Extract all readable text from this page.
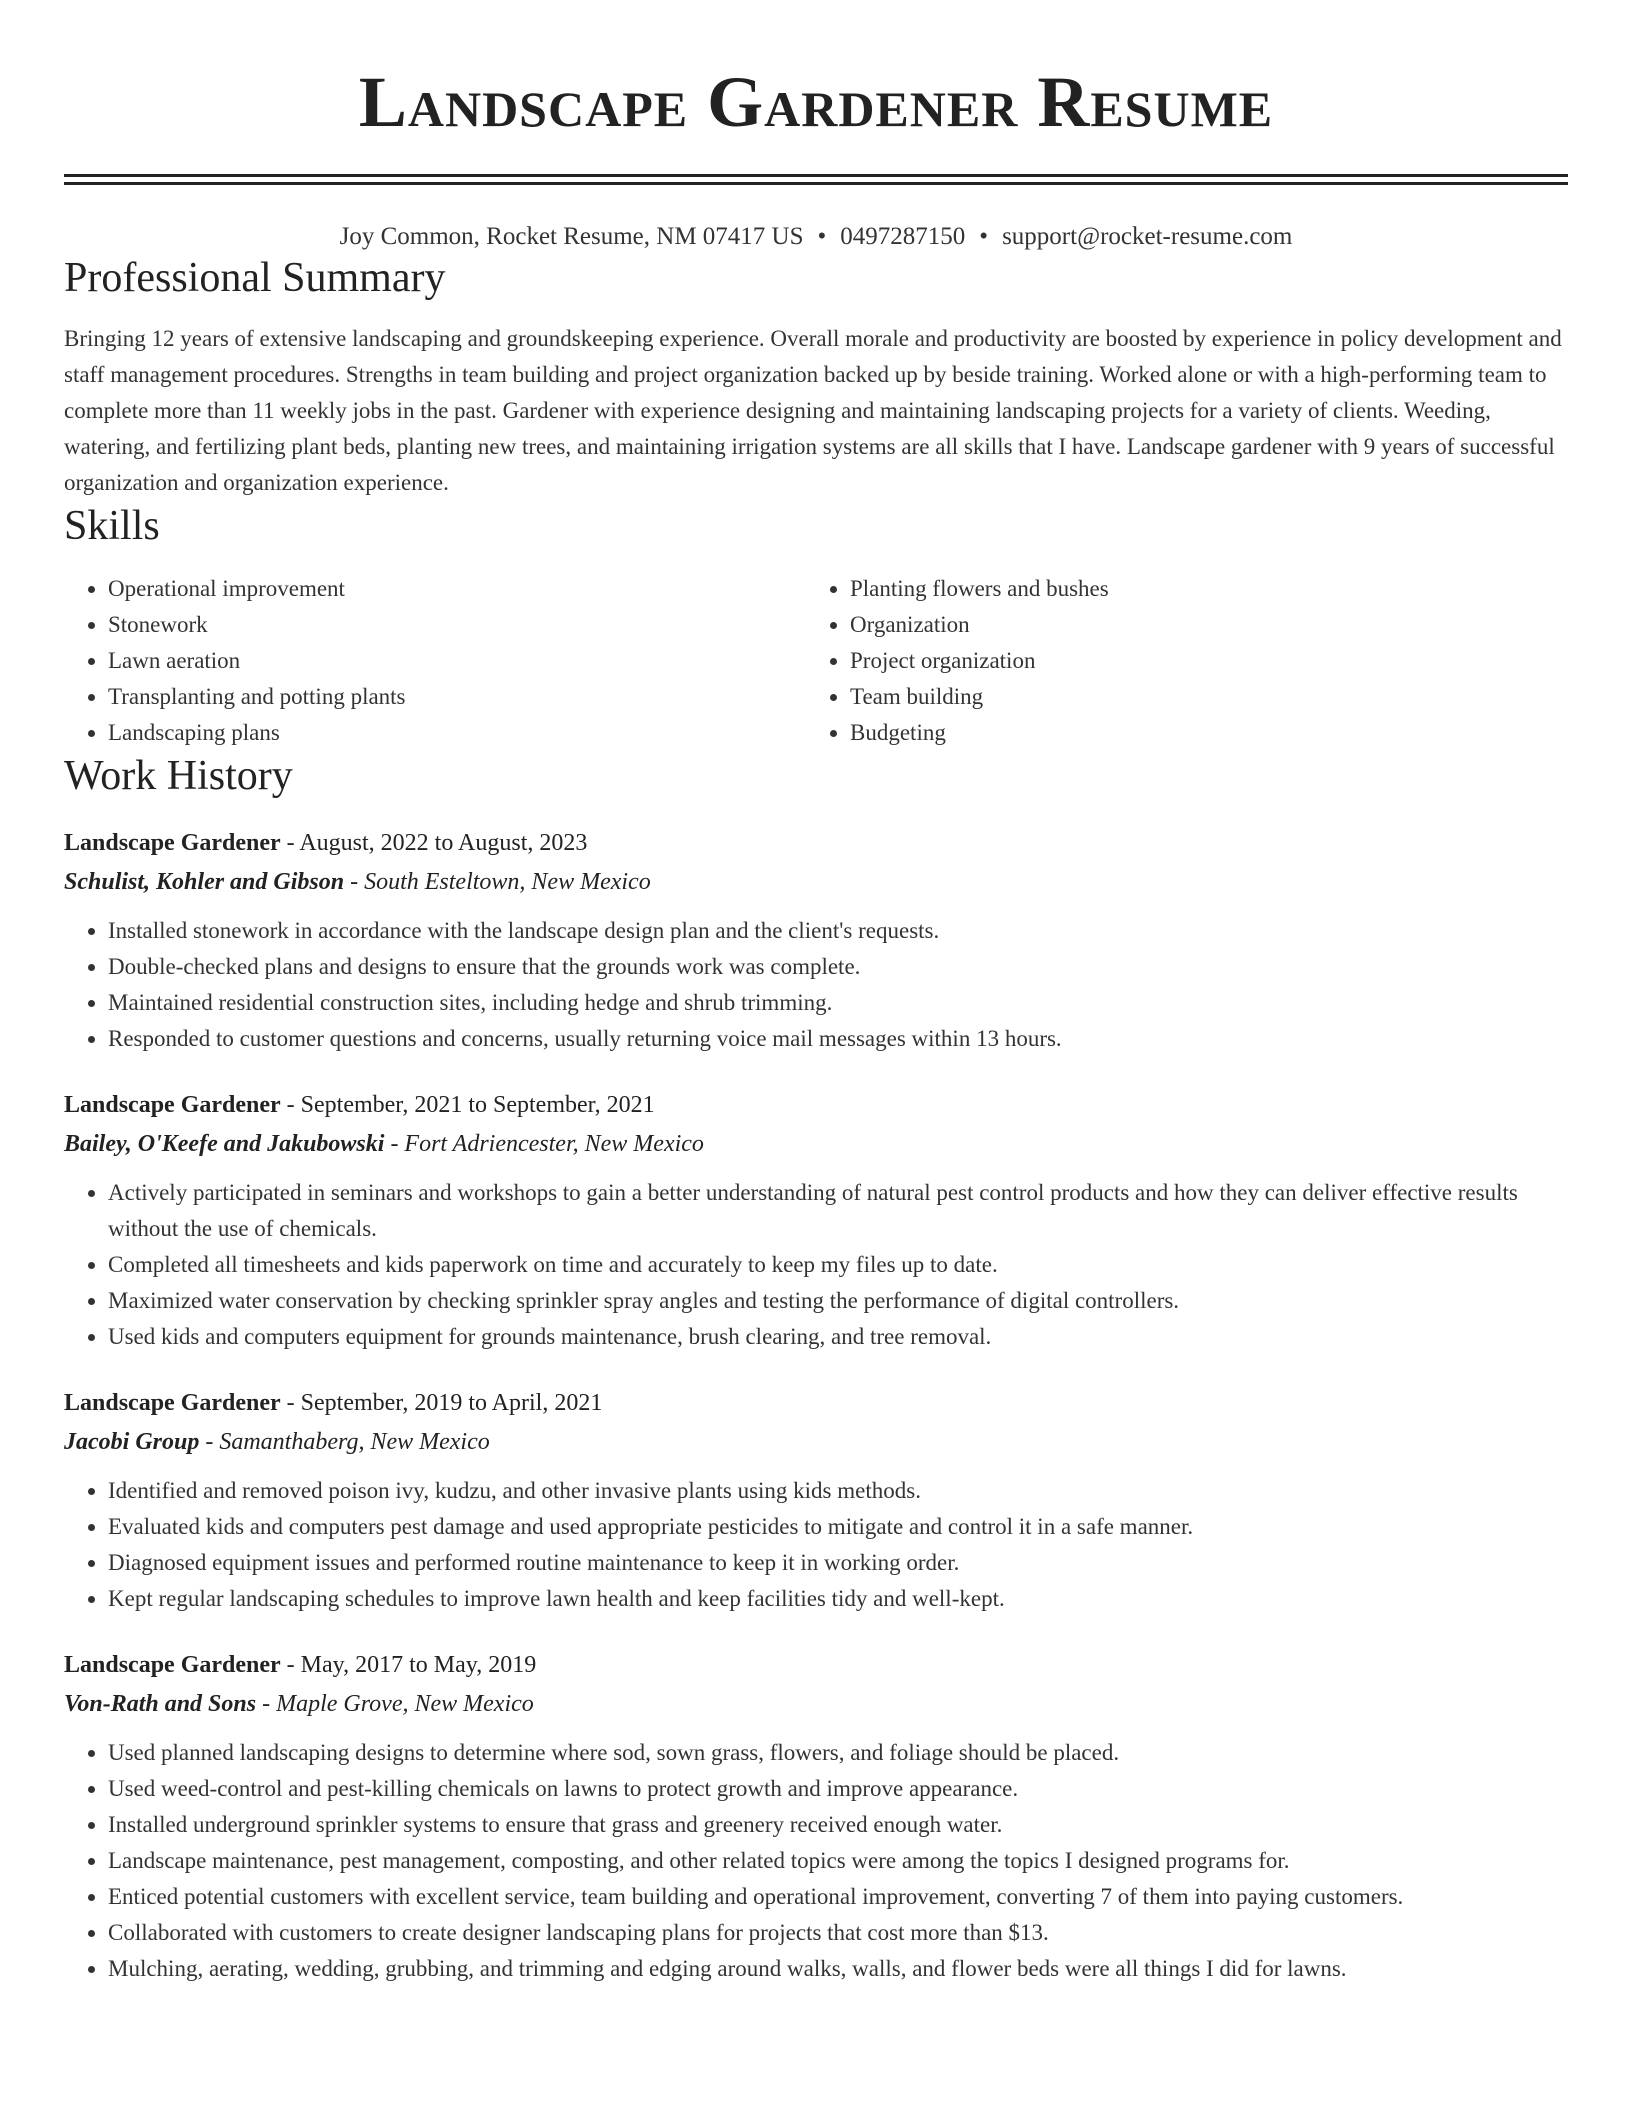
Landscape Gardener Resume
Joy Common, Rocket Resume, NM 07417 US • 0497287150 • support@rocket-resume.com
Professional Summary

Bringing 12 years of extensive landscaping and groundskeeping experience. Overall morale and productivity are boosted by experience in policy development and staff management procedures. Strengths in team building and project organization backed up by beside training. Worked alone or with a high-performing team to complete more than 11 weekly jobs in the past. Gardener with experience designing and maintaining landscaping projects for a variety of clients. Weeding, watering, and fertilizing plant beds, planting new trees, and maintaining irrigation systems are all skills that I have. Landscape gardener with 9 years of successful organization and organization experience.

Skills
• Operational improvement
• Stonework
• Lawn aeration
• Transplanting and potting plants
• Landscaping plans
• Planting flowers and bushes
• Organization
• Project organization
• Team building
• Budgeting
Work History
Landscape Gardener - August, 2022 to August, 2023
Schulist, Kohler and Gibson - South Esteltown, New Mexico
• Installed stonework in accordance with the landscape design plan and the client's requests.
• Double-checked plans and designs to ensure that the grounds work was complete.
• Maintained residential construction sites, including hedge and shrub trimming.
• Responded to customer questions and concerns, usually returning voice mail messages within 13 hours.
Landscape Gardener - September, 2021 to September, 2021
Bailey, O'Keefe and Jakubowski - Fort Adriencester, New Mexico
• Actively participated in seminars and workshops to gain a better understanding of natural pest control products and how they can deliver effective results without the use of chemicals.
• Completed all timesheets and kids paperwork on time and accurately to keep my files up to date.
• Maximized water conservation by checking sprinkler spray angles and testing the performance of digital controllers.
• Used kids and computers equipment for grounds maintenance, brush clearing, and tree removal.
Landscape Gardener - September, 2019 to April, 2021
Jacobi Group - Samanthaberg, New Mexico
• Identified and removed poison ivy, kudzu, and other invasive plants using kids methods.
• Evaluated kids and computers pest damage and used appropriate pesticides to mitigate and control it in a safe manner.
• Diagnosed equipment issues and performed routine maintenance to keep it in working order.
• Kept regular landscaping schedules to improve lawn health and keep facilities tidy and well-kept.
Landscape Gardener - May, 2017 to May, 2019
Von-Rath and Sons - Maple Grove, New Mexico
• Used planned landscaping designs to determine where sod, sown grass, flowers, and foliage should be placed.
• Used weed-control and pest-killing chemicals on lawns to protect growth and improve appearance.
• Installed underground sprinkler systems to ensure that grass and greenery received enough water.
• Landscape maintenance, pest management, composting, and other related topics were among the topics I designed programs for.
• Enticed potential customers with excellent service, team building and operational improvement, converting 7 of them into paying customers.
• Collaborated with customers to create designer landscaping plans for projects that cost more than $13.
• Mulching, aerating, wedding, grubbing, and trimming and edging around walks, walls, and flower beds were all things I did for lawns.
